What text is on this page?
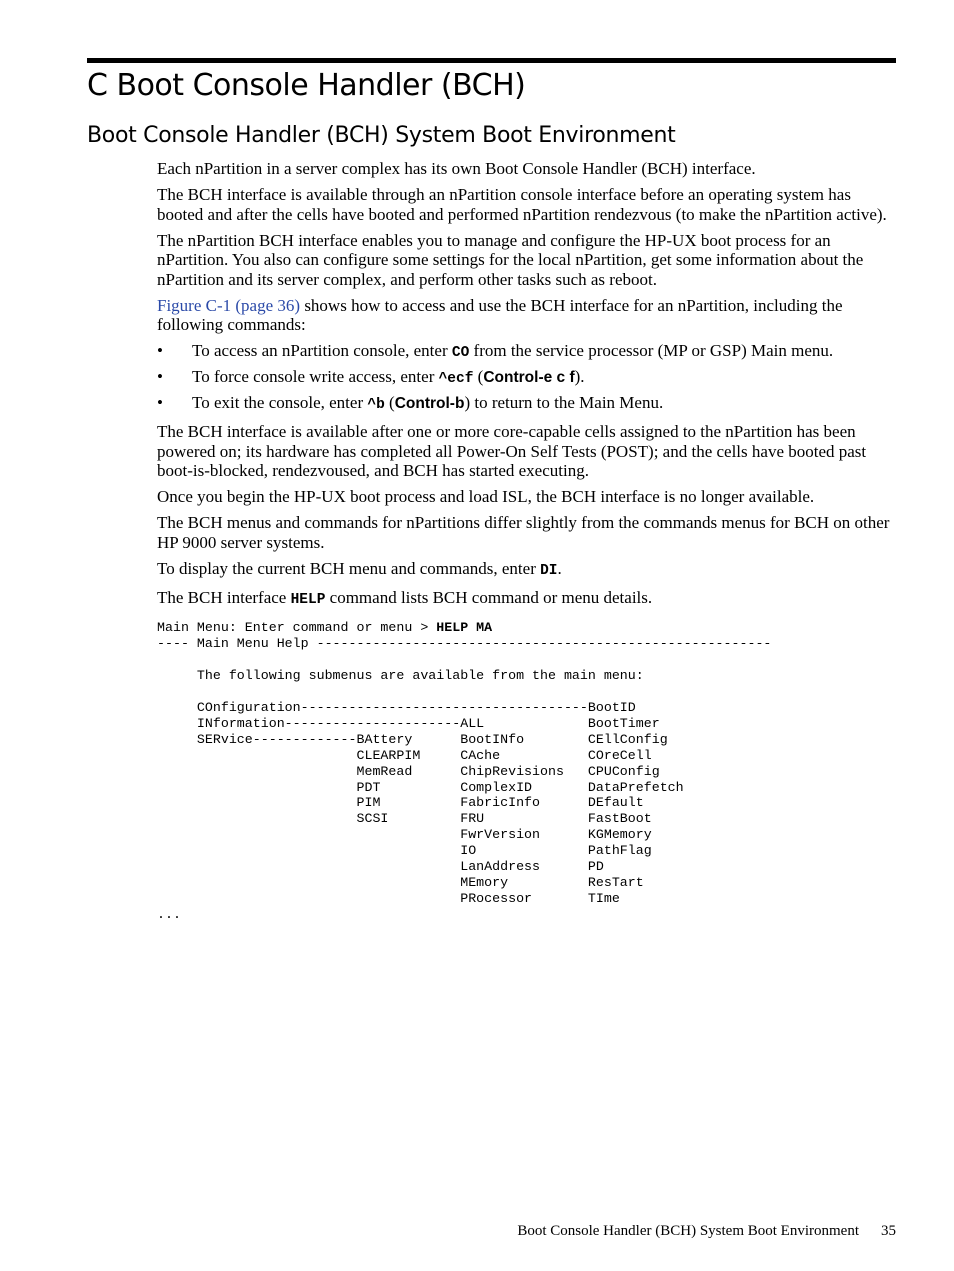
C Boot Console Handler (BCH)
Boot Console Handler (BCH) System Boot Environment

Each nPartition in a server complex has its own Boot Console Handler (BCH) interface.

The BCH interface is available through an nPartition console interface before an operating system has booted and after the cells have booted and performed nPartition rendezvous (to make the nPartition active).

The nPartition BCH interface enables you to manage and configure the HP-UX boot process for an nPartition. You also can configure some settings for the local nPartition, get some information about the nPartition and its server complex, and perform other tasks such as reboot.

Figure C-1 (page 36) shows how to access and use the BCH interface for an nPartition, including the following commands:

• To access an nPartition console, enter CO from the service processor (MP or GSP) Main menu.
• To force console write access, enter ^ecf (Control-e c f).
• To exit the console, enter ^b (Control-b) to return to the Main Menu.

The BCH interface is available after one or more core-capable cells assigned to the nPartition has been powered on; its hardware has completed all Power-On Self Tests (POST); and the cells have booted past boot-is-blocked, rendezvoused, and BCH has started executing.

Once you begin the HP-UX boot process and load ISL, the BCH interface is no longer available.

The BCH menus and commands for nPartitions differ slightly from the commands menus for BCH on other HP 9000 server systems.

To display the current BCH menu and commands, enter DI.

The BCH interface HELP command lists BCH command or menu details.

Main Menu: Enter command or menu > HELP MA
---- Main Menu Help ---------------------------------------------------------

The following submenus are available from the main menu:

COnfiguration------------------------------------BootID
INformation----------------------ALL             BootTimer
SERvice-------------BAttery      BootINfo        CEllConfig
CLEARPIM     CAche           COreCell
MemRead      ChipRevisions   CPUConfig
PDT          ComplexID       DataPrefetch
PIM          FabricInfo      DEfault
SCSI         FRU             FastBoot
FwrVersion      KGMemory
IO              PathFlag
LanAddress      PD
MEmory          ResTart
PRocessor       TIme
...
Boot Console Handler (BCH) System Boot Environment 35
